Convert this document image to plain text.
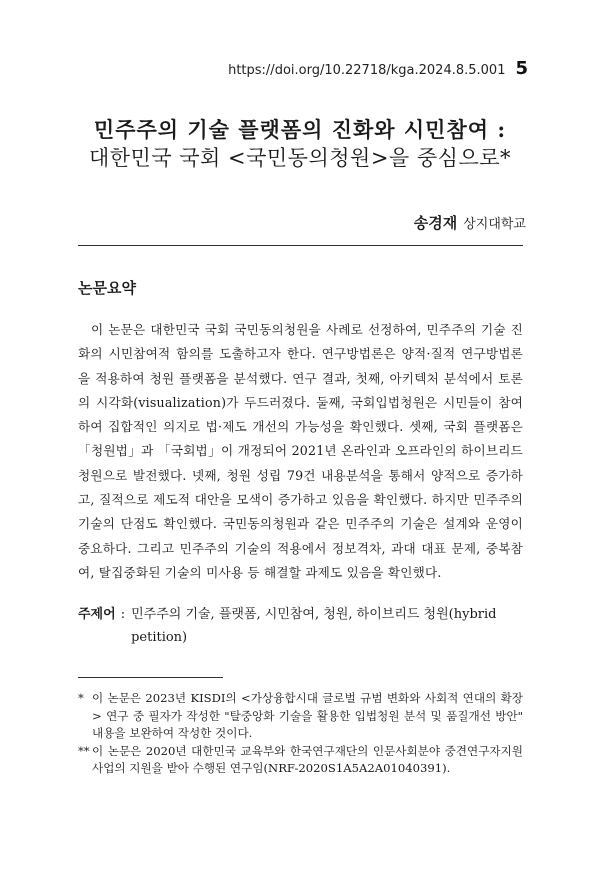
https://doi.org/10.22718/kga.2024.8.5.001 5
민주주의 기술 플랫폼의 진화와 시민참여 :
대한민국 국회 <국민동의청원>을 중심으로*
송경재 상지대학교
논문요약
이 논문은 대한민국 국회 국민동의청원을 사례로 선정하여, 민주주의 기술 진화의 시민참여적 함의를 도출하고자 한다. 연구방법론은 양적·질적 연구방법론을 적용하여 청원 플랫폼을 분석했다. 연구 결과, 첫째, 아키텍처 분석에서 토론의 시각화(visualization)가 두드러졌다. 둘째, 국회입법청원은 시민들이 참여하여 집합적인 의지로 법·제도 개선의 가능성을 확인했다. 셋째, 국회 플랫폼은 「청원법」과 「국회법」이 개정되어 2021년 온라인과 오프라인의 하이브리드 청원으로 발전했다. 넷째, 청원 성립 79건 내용분석을 통해서 양적으로 증가하고, 질적으로 제도적 대안을 모색이 증가하고 있음을 확인했다. 하지만 민주주의 기술의 단점도 확인했다. 국민동의청원과 같은 민주주의 기술은 설계와 운영이 중요하다. 그리고 민주주의 기술의 적용에서 정보격차, 과대 대표 문제, 중복참여, 탈집중화된 기술의 미사용 등 해결할 과제도 있음을 확인했다.
주제어 : 민주주의 기술, 플랫폼, 시민참여, 청원, 하이브리드 청원(hybrid petition)
* 이 논문은 2023년 KISDI의 <가상융합시대 글로벌 규범 변화와 사회적 연대의 확장> 연구 중 필자가 작성한 "탈중앙화 기술을 활용한 입법청원 분석 및 품질개선 방안" 내용을 보완하여 작성한 것이다.
** 이 논문은 2020년 대한민국 교육부와 한국연구재단의 인문사회분야 중견연구자지원사업의 지원을 받아 수행된 연구임(NRF-2020S1A5A2A01040391).
